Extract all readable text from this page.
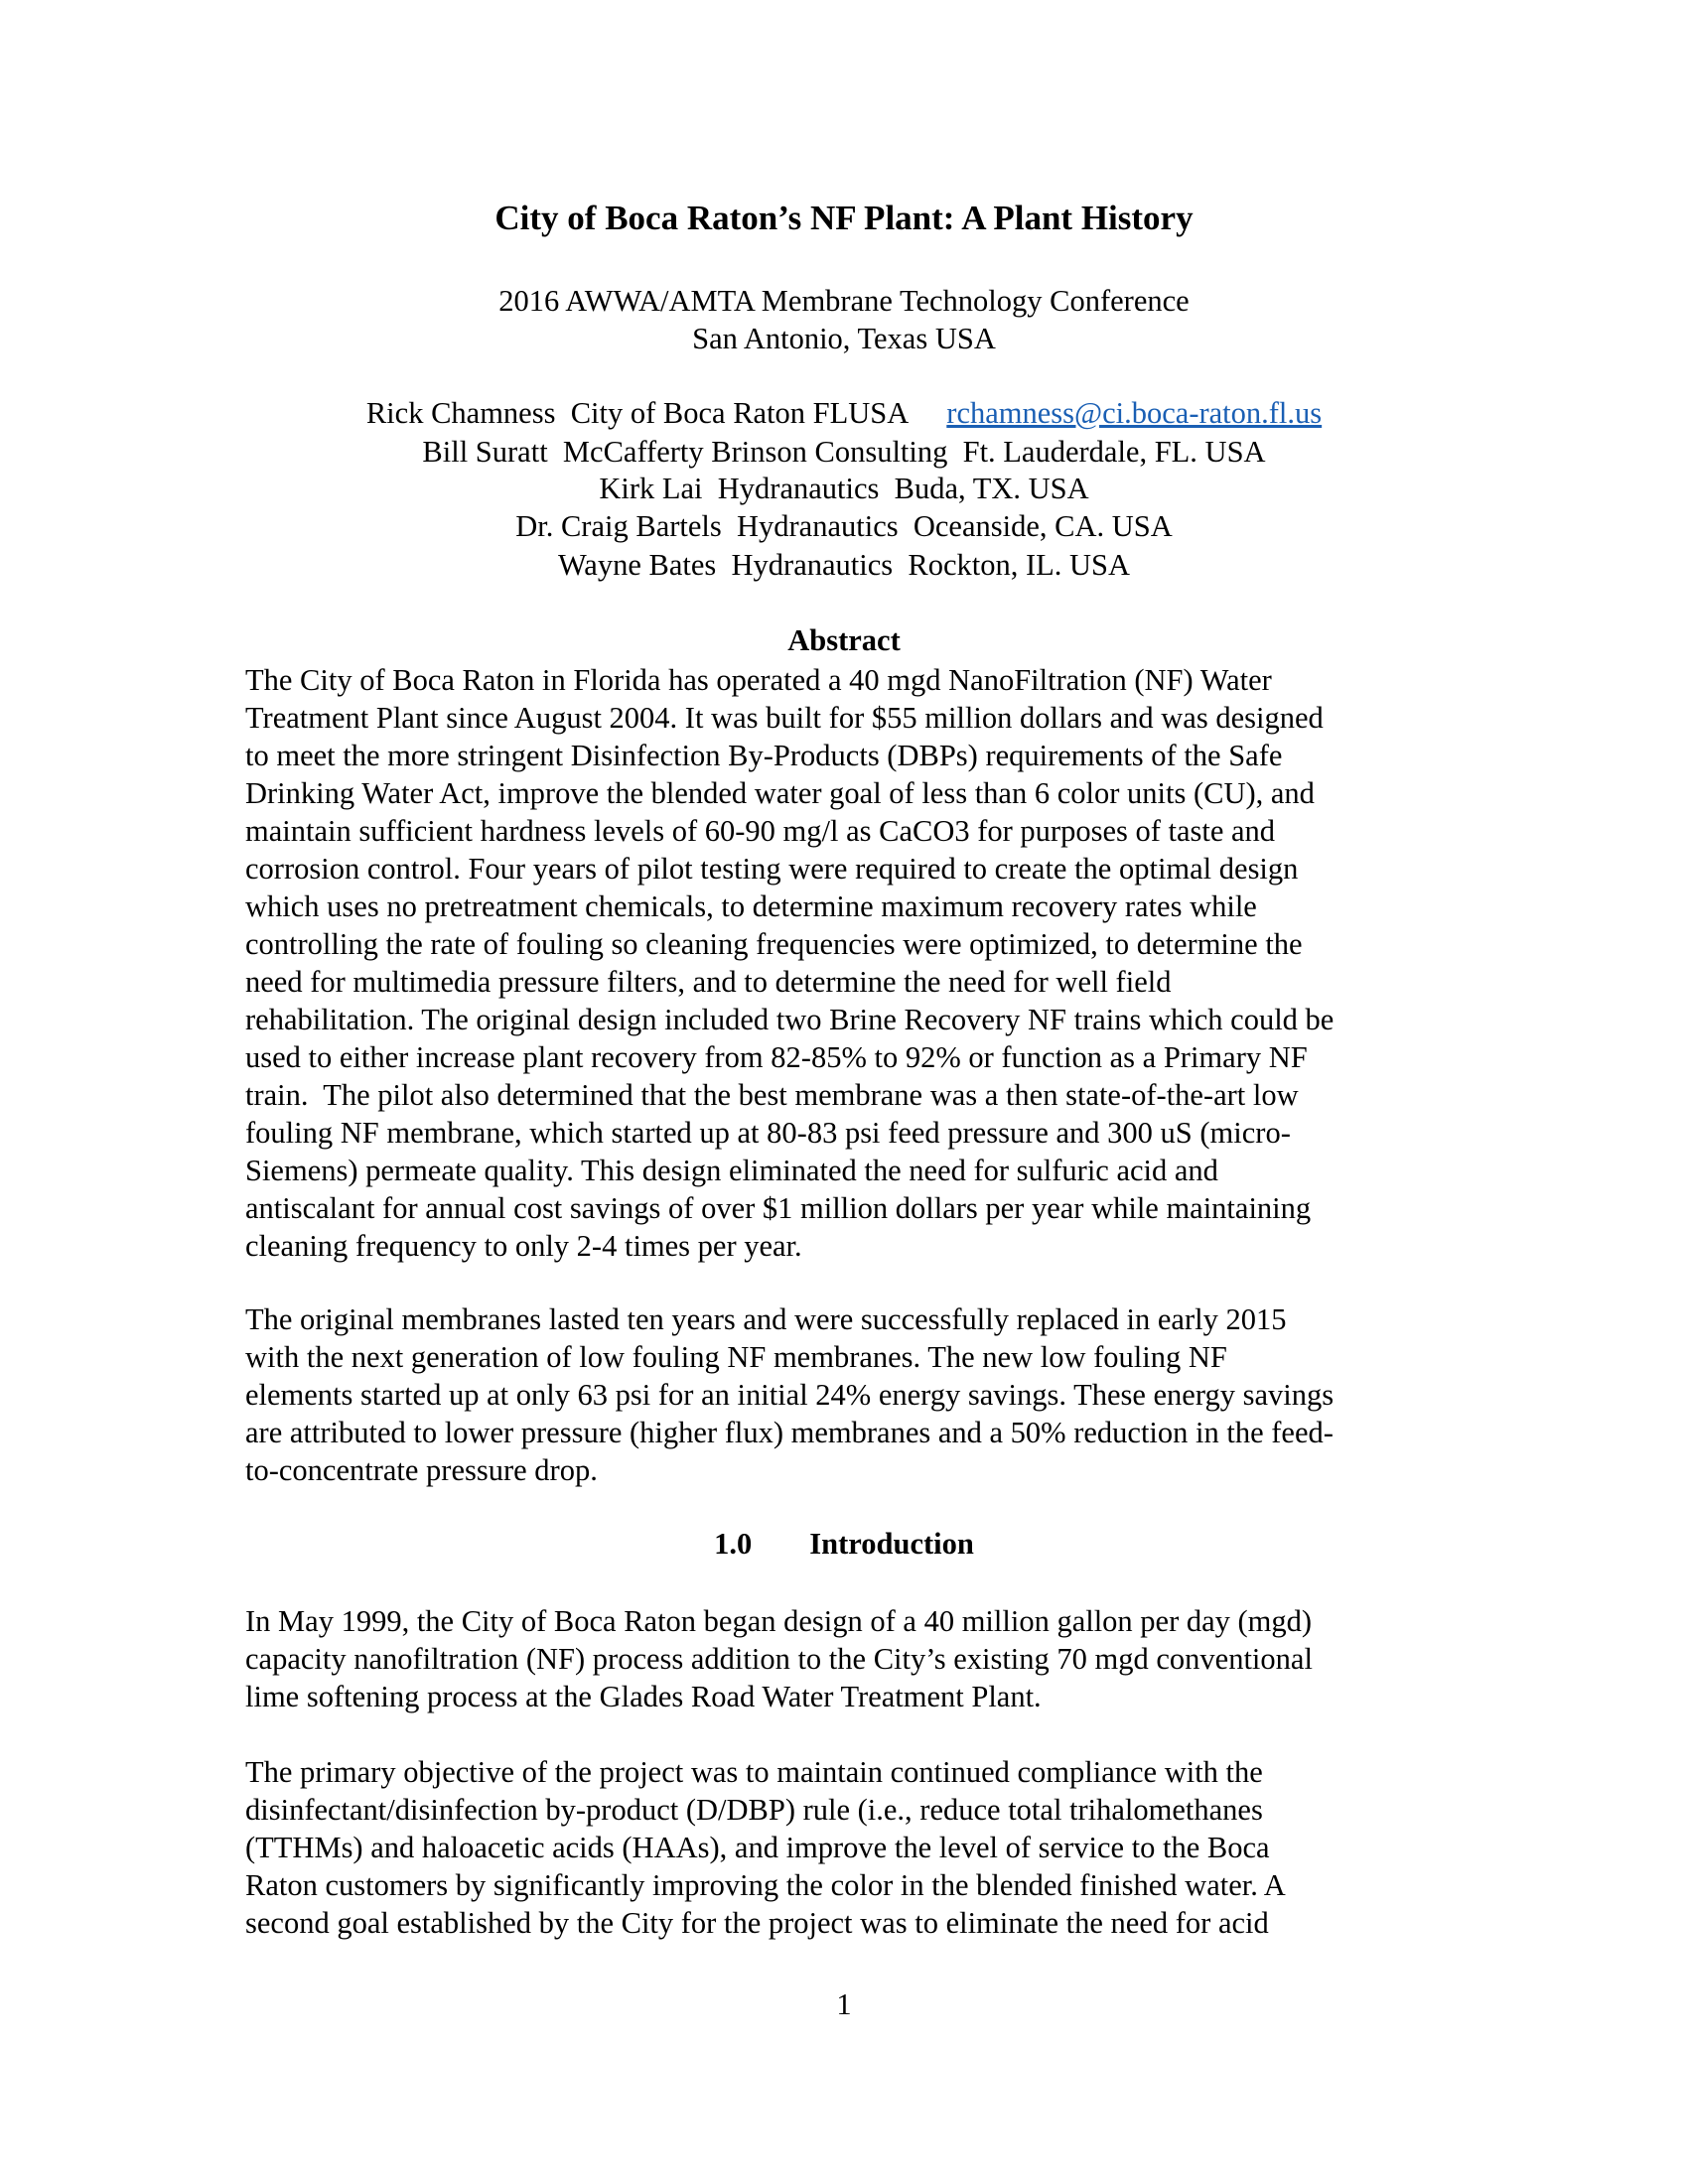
City of Boca Raton’s NF Plant: A Plant History
2016 AWWA/AMTA Membrane Technology Conference
San Antonio, Texas USA
Rick Chamness  City of Boca Raton FLUSA rchamness@ci.boca-raton.fl.us
Bill Suratt  McCafferty Brinson Consulting  Ft. Lauderdale, FL. USA
Kirk Lai  Hydranautics  Buda, TX. USA
Dr. Craig Bartels  Hydranautics  Oceanside, CA. USA
Wayne Bates  Hydranautics  Rockton, IL. USA
Abstract
The City of Boca Raton in Florida has operated a 40 mgd NanoFiltration (NF) Water
Treatment Plant since August 2004. It was built for $55 million dollars and was designed
to meet the more stringent Disinfection By-Products (DBPs) requirements of the Safe
Drinking Water Act, improve the blended water goal of less than 6 color units (CU), and
maintain sufficient hardness levels of 60-90 mg/l as CaCO3 for purposes of taste and
corrosion control. Four years of pilot testing were required to create the optimal design
which uses no pretreatment chemicals, to determine maximum recovery rates while
controlling the rate of fouling so cleaning frequencies were optimized, to determine the
need for multimedia pressure filters, and to determine the need for well field
rehabilitation. The original design included two Brine Recovery NF trains which could be
used to either increase plant recovery from 82-85% to 92% or function as a Primary NF
train.  The pilot also determined that the best membrane was a then state-of-the-art low
fouling NF membrane, which started up at 80-83 psi feed pressure and 300 uS (micro-
Siemens) permeate quality. This design eliminated the need for sulfuric acid and
antiscalant for annual cost savings of over $1 million dollars per year while maintaining
cleaning frequency to only 2-4 times per year.
The original membranes lasted ten years and were successfully replaced in early 2015
with the next generation of low fouling NF membranes. The new low fouling NF
elements started up at only 63 psi for an initial 24% energy savings. These energy savings
are attributed to lower pressure (higher flux) membranes and a 50% reduction in the feed-
to-concentrate pressure drop.
1.0 Introduction
In May 1999, the City of Boca Raton began design of a 40 million gallon per day (mgd)
capacity nanofiltration (NF) process addition to the City’s existing 70 mgd conventional
lime softening process at the Glades Road Water Treatment Plant.
The primary objective of the project was to maintain continued compliance with the
disinfectant/disinfection by-product (D/DBP) rule (i.e., reduce total trihalomethanes
(TTHMs) and haloacetic acids (HAAs), and improve the level of service to the Boca
Raton customers by significantly improving the color in the blended finished water. A
second goal established by the City for the project was to eliminate the need for acid
1
